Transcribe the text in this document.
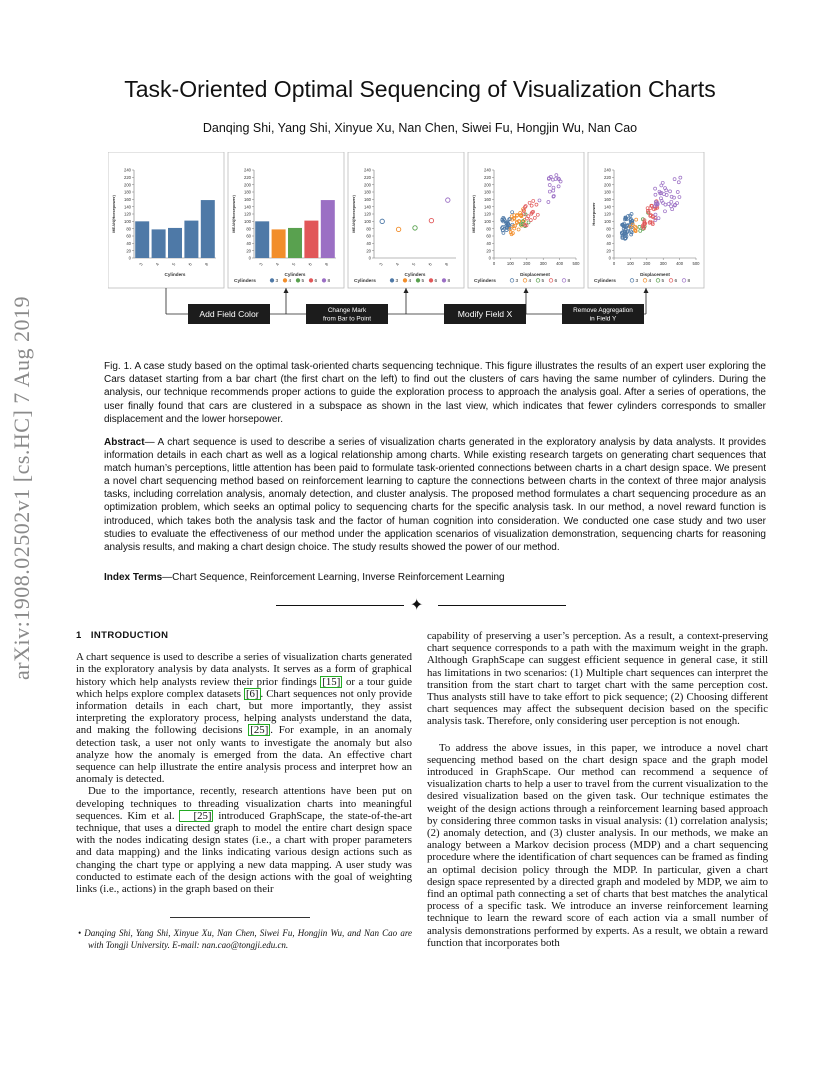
arXiv:1908.02502v1 [cs.HC] 7 Aug 2019
Task-Oriented Optimal Sequencing of Visualization Charts
Danqing Shi, Yang Shi, Xinyue Xu, Nan Chen, Siwei Fu, Hongjin Wu, Nan Cao
240
220
200
180
160
140
120
100
80
60
40
20
0
MEAN(Horsepower)
3	4	5	6	8
Cylinders
240
220
200
180
160
140
120
100
80
60
40
20
0
MEAN(Horsepower)
3	4	5	6	8
Cylinders
Cylinders	3 4 5 6 8
240
220
200
180
160
140
120
100
80
60
40
20
0
MEAN(Horsepower)
3	4	5	6	8
Cylinders
Cylinders	3 4 5 6 8
240
220
200
180
160
140
120
100
80
60
40
20
0
MEAN(Horsepower)
0	100 200 300 400 500
Displacement
Cylinders	3 4 5 6 8
240
220
200
180
160
140
120
100
80
60
40
20
0
Horsepower
0	100 200 300 400 500
Displacement
Cylinders	3 4 5 6 8
Add Field Color	Change Mark
from Bar to Point	Modify Field X	Remove Aggregation
in Field Y
Fig. 1. A case study based on the optimal task-oriented charts sequencing technique. This figure illustrates the results of an expert user exploring the Cars dataset starting from a bar chart (the first chart on the left) to find out the clusters of cars having the same number of cylinders. During the analysis, our technique recommends proper actions to guide the exploration process to approach the analysis goal. After a series of operations, the user finally found that cars are clustered in a subspace as shown in the last view, which indicates that fewer cylinders corresponds to smaller displacement and the lower horsepower.
Abstract— A chart sequence is used to describe a series of visualization charts generated in the exploratory analysis by data analysts. It provides information details in each chart as well as a logical relationship among charts. While existing research targets on generating chart sequences that match human’s perceptions, little attention has been paid to formulate task-oriented connections between charts in a chart design space. We present a novel chart sequencing method based on reinforcement learning to capture the connections between charts in the context of three major analysis tasks, including correlation analysis, anomaly detection, and cluster analysis. The proposed method formulates a chart sequencing procedure as an optimization problem, which seeks an optimal policy to sequencing charts for the specific analysis task. In our method, a novel reward function is introduced, which takes both the analysis task and the factor of human cognition into consideration. We conducted one case study and two user studies to evaluate the effectiveness of our method under the application scenarios of visualization demonstration, sequencing charts for reasoning analysis results, and making a chart design choice. The study results showed the power of our method.
Index Terms—Chart Sequence, Reinforcement Learning, Inverse Reinforcement Learning
✦
1 INTRODUCTION
A chart sequence is used to describe a series of visualization charts generated in the exploratory analysis by data analysts. It serves as a form of graphical history which help analysts review their prior findings [15] or a tour guide which helps explore complex datasets [6] . Chart sequences not only provide information details in each chart, but more importantly, they assist interpreting the exploratory process, helping analysts understand the data, and making the following decisions [25] . For example, in an anomaly detection task, a user not only wants to investigate the anomaly but also analyze how the anomaly is emerged from the data. An effective chart sequence can help illustrate the entire analysis process and interpret how an anomaly is detected.
Due to the importance, recently, research attentions have been put on developing techniques to threading visualization charts into meaningful sequences. Kim et al. [25] introduced GraphScape, the state-of-the-art technique, that uses a directed graph to model the entire chart design space with the nodes indicating design states (i.e., a chart with proper parameters and data mapping) and the links indicating various design actions such as changing the chart type or applying a new data mapping. A user study was conducted to estimate each of the design actions with the goal of weighting links (i.e., actions) in the graph based on their
• Danqing Shi, Yang Shi, Xinyue Xu, Nan Chen, Siwei Fu, Hongjin Wu, and Nan Cao are with Tongji University. E-mail: nan.cao@tongji.edu.cn.
capability of preserving a user’s perception. As a result, a context-preserving chart sequence corresponds to a path with the maximum weight in the graph. Although GraphScape can suggest efficient sequence in general case, it still has limitations in two scenarios: (1) Multiple chart sequences can interpret the transition from the start chart to target chart with the same perception cost. Thus analysts still have to take effort to pick sequence; (2) Choosing different chart sequences may affect the subsequent decision based on the specific analysis task. Therefore, only considering user perception is not enough.
To address the above issues, in this paper, we introduce a novel chart sequencing method based on the chart design space and the graph model introduced in GraphScape. Our method can recommend a sequence of visualization charts to help a user to travel from the current visualization to the desired visualization based on the given task. Our technique estimates the weight of the design actions through a reinforcement learning based approach by considering three common tasks in visual analysis: (1) correlation analysis; (2) anomaly detection, and (3) cluster analysis. In our methods, we make an analogy between a Markov decision process (MDP) and a chart sequencing procedure where the identification of chart sequences can be framed as finding an optimal decision policy through the MDP. In particular, given a chart design space represented by a directed graph and modeled by MDP, we aim to find an optimal path connecting a set of charts that best matches the analytical process of a specific task. We introduce an inverse reinforcement learning technique to learn the reward score of each action via a small number of analysis demonstrations performed by experts. As a result, we obtain a reward function that incorporates both
